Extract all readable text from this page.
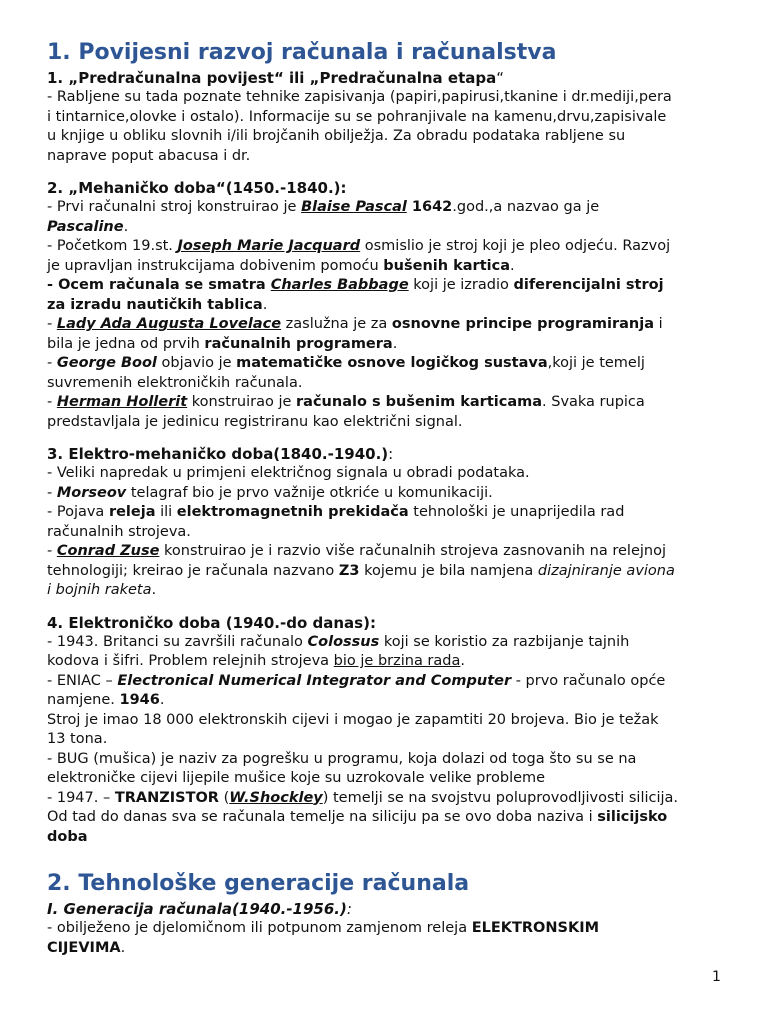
1. Povijesni razvoj računala i računalstva
1. „Predračunalna povijest“ ili „Predračunalna etapa“

- Rabljene su tada poznate tehnike zapisivanja (papiri,papirusi,tkanine i dr.mediji,pera

i tintarnice,olovke i ostalo). Informacije su se pohranjivale na kamenu,drvu,zapisivale

u knjige u obliku slovnih i/ili brojčanih obilježja. Za obradu podataka rabljene su

naprave poput abacusa i dr.

2. „Mehaničko doba“(1450.-1840.):

- Prvi računalni stroj konstruirao je Blaise Pascal 1642.god.,a nazvao ga je

Pascaline.

- Početkom 19.st. Joseph Marie Jacquard osmislio je stroj koji je pleo odjeću. Razvoj

je upravljan instrukcijama dobivenim pomoću bušenih kartica.

- Ocem računala se smatra Charles Babbage koji je izradio diferencijalni stroj

za izradu nautičkih tablica.

- Lady Ada Augusta Lovelace zaslužna je za osnovne principe programiranja i

bila je jedna od prvih računalnih programera.

- George Bool objavio je matematičke osnove logičkog sustava,koji je temelj

suvremenih elektroničkih računala.

- Herman Hollerit konstruirao je računalo s bušenim karticama. Svaka rupica

predstavljala je jedinicu registriranu kao električni signal.

3. Elektro-mehaničko doba(1840.-1940.):

- Veliki napredak u primjeni električnog signala u obradi podataka.

- Morseov telagraf bio je prvo važnije otkriće u komunikaciji.

- Pojava releja ili elektromagnetnih prekidača tehnološki je unaprijedila rad

računalnih strojeva.

- Conrad Zuse konstruirao je i razvio više računalnih strojeva zasnovanih na relejnoj

tehnologiji; kreirao je računala nazvano Z3 kojemu je bila namjena dizajniranje aviona

i bojnih raketa.

4. Elektroničko doba (1940.-do danas):

- 1943. Britanci su završili računalo Colossus koji se koristio za razbijanje tajnih

kodova i šifri. Problem relejnih strojeva bio je brzina rada.

- ENIAC – Electronical Numerical Integrator and Computer - prvo računalo opće

namjene. 1946.

Stroj je imao 18 000 elektronskih cijevi i mogao je zapamtiti 20 brojeva. Bio je težak

13 tona.

- BUG (mušica) je naziv za pogrešku u programu, koja dolazi od toga što su se na

elektroničke cijevi lijepile mušice koje su uzrokovale velike probleme

- 1947. – TRANZISTOR (W.Shockley) temelji se na svojstvu poluprovodljivosti silicija.

Od tad do danas sva se računala temelje na siliciju pa se ovo doba naziva i silicijsko

doba

2. Tehnološke generacije računala
I. Generacija računala(1940.-1956.):

- obilježeno je djelomičnom ili potpunom zamjenom releja ELEKTRONSKIM

CIJEVIMA.

1
